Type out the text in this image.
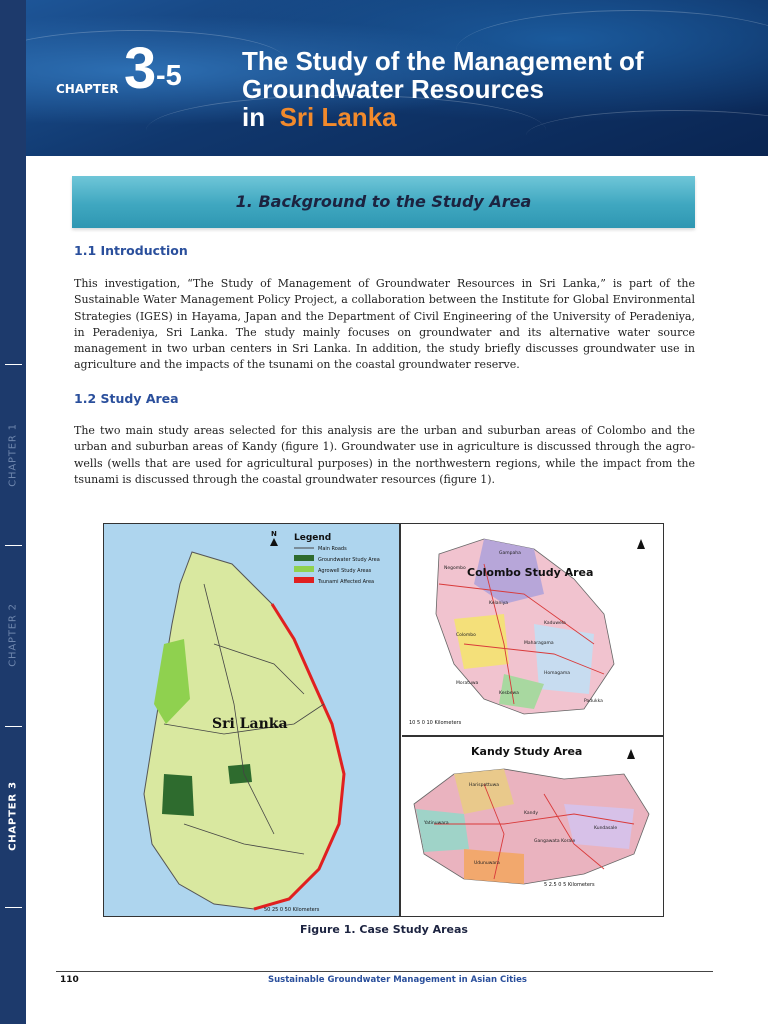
CHAPTER 1
CHAPTER 2
CHAPTER 3
CHAPTER 3 -5 The Study of the Management of
Groundwater Resources
in Sri Lanka
1. Background to the Study Area
1.1 Introduction

This investigation, “The Study of Management of Groundwater Resources in Sri Lanka,” is part of the Sustainable Water Management Policy Project, a collaboration between the Institute for Global Environmental Strategies (IGES) in Hayama, Japan and the Department of Civil Engineering of the University of Peradeniya, in Peradeniya, Sri Lanka. The study mainly focuses on groundwater and its alternative water source management in two urban centers in Sri Lanka. In addition, the study briefly discusses groundwater use in agriculture and the impacts of the tsunami on the coastal groundwater reserve.

1.2 Study Area

The two main study areas selected for this analysis are the urban and suburban areas of Colombo and the urban and suburban areas of Kandy (figure 1). Groundwater use in agriculture is discussed through the agro-wells (wells that are used for agricultural purposes) in the northwestern regions, while the impact from the tsunami is discussed through the coastal groundwater resources (figure 1).

Sri Lanka
50 25 0 50 Kilometers
N Legend
Main Roads
Groundwater Study Area
Agrowell Study Areas
Tsunami Affected Area
Colombo Study Area
Gampaha
Negombo
Kelaniya
Maharagama
Colombo
Kaduwela
Homagama
Moratuwa
Kesbewa
Padukka
10 5 0 10 Kilometers
Kandy Study Area
Harispattuwa
Yatinuwara
Kandy
Gangawata Korale
Kundasale
Udunuwara
5 2.5 0 5 Kilometers
Figure 1. Case Study Areas
110	Sustainable Groundwater Management in Asian Cities
